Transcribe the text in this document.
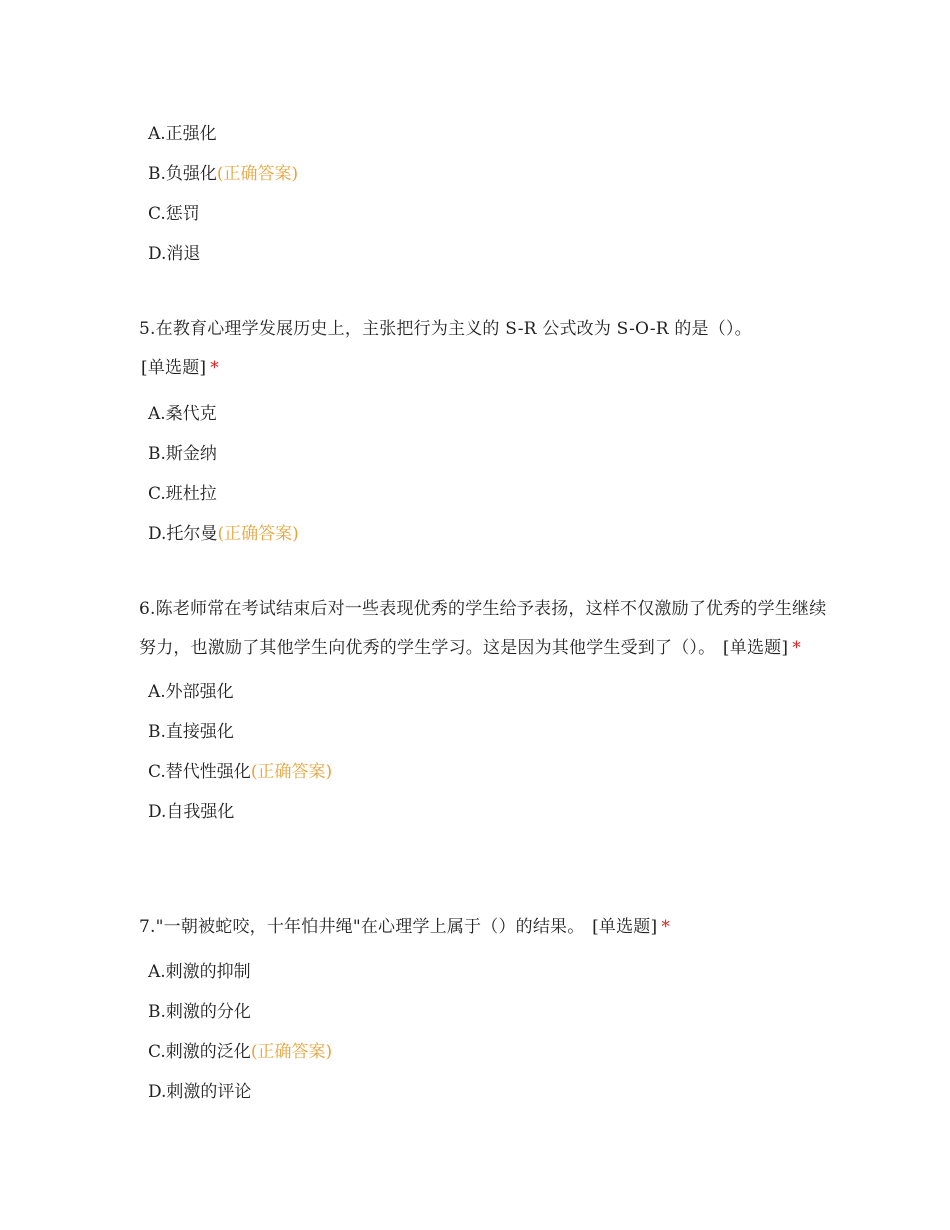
A.正强化
B.负强化(正确答案)
C.惩罚
D.消退

5.在教育心理学发展历史上，主张把行为主义的 S-R 公式改为 S-O-R 的是（）。
[单选题] *

A.桑代克
B.斯金纳
C.班杜拉
D.托尔曼(正确答案)

6.陈老师常在考试结束后对一些表现优秀的学生给予表扬，这样不仅激励了优秀的学生继续努力，也激励了其他学生向优秀的学生学习。这是因为其他学生受到了（）。 [单选题] *

A.外部强化
B.直接强化
C.替代性强化(正确答案)
D.自我强化

7."一朝被蛇咬，十年怕井绳"在心理学上属于（）的结果。 [单选题] *

A.刺激的抑制
B.刺激的分化
C.刺激的泛化(正确答案)
D.刺激的评论
